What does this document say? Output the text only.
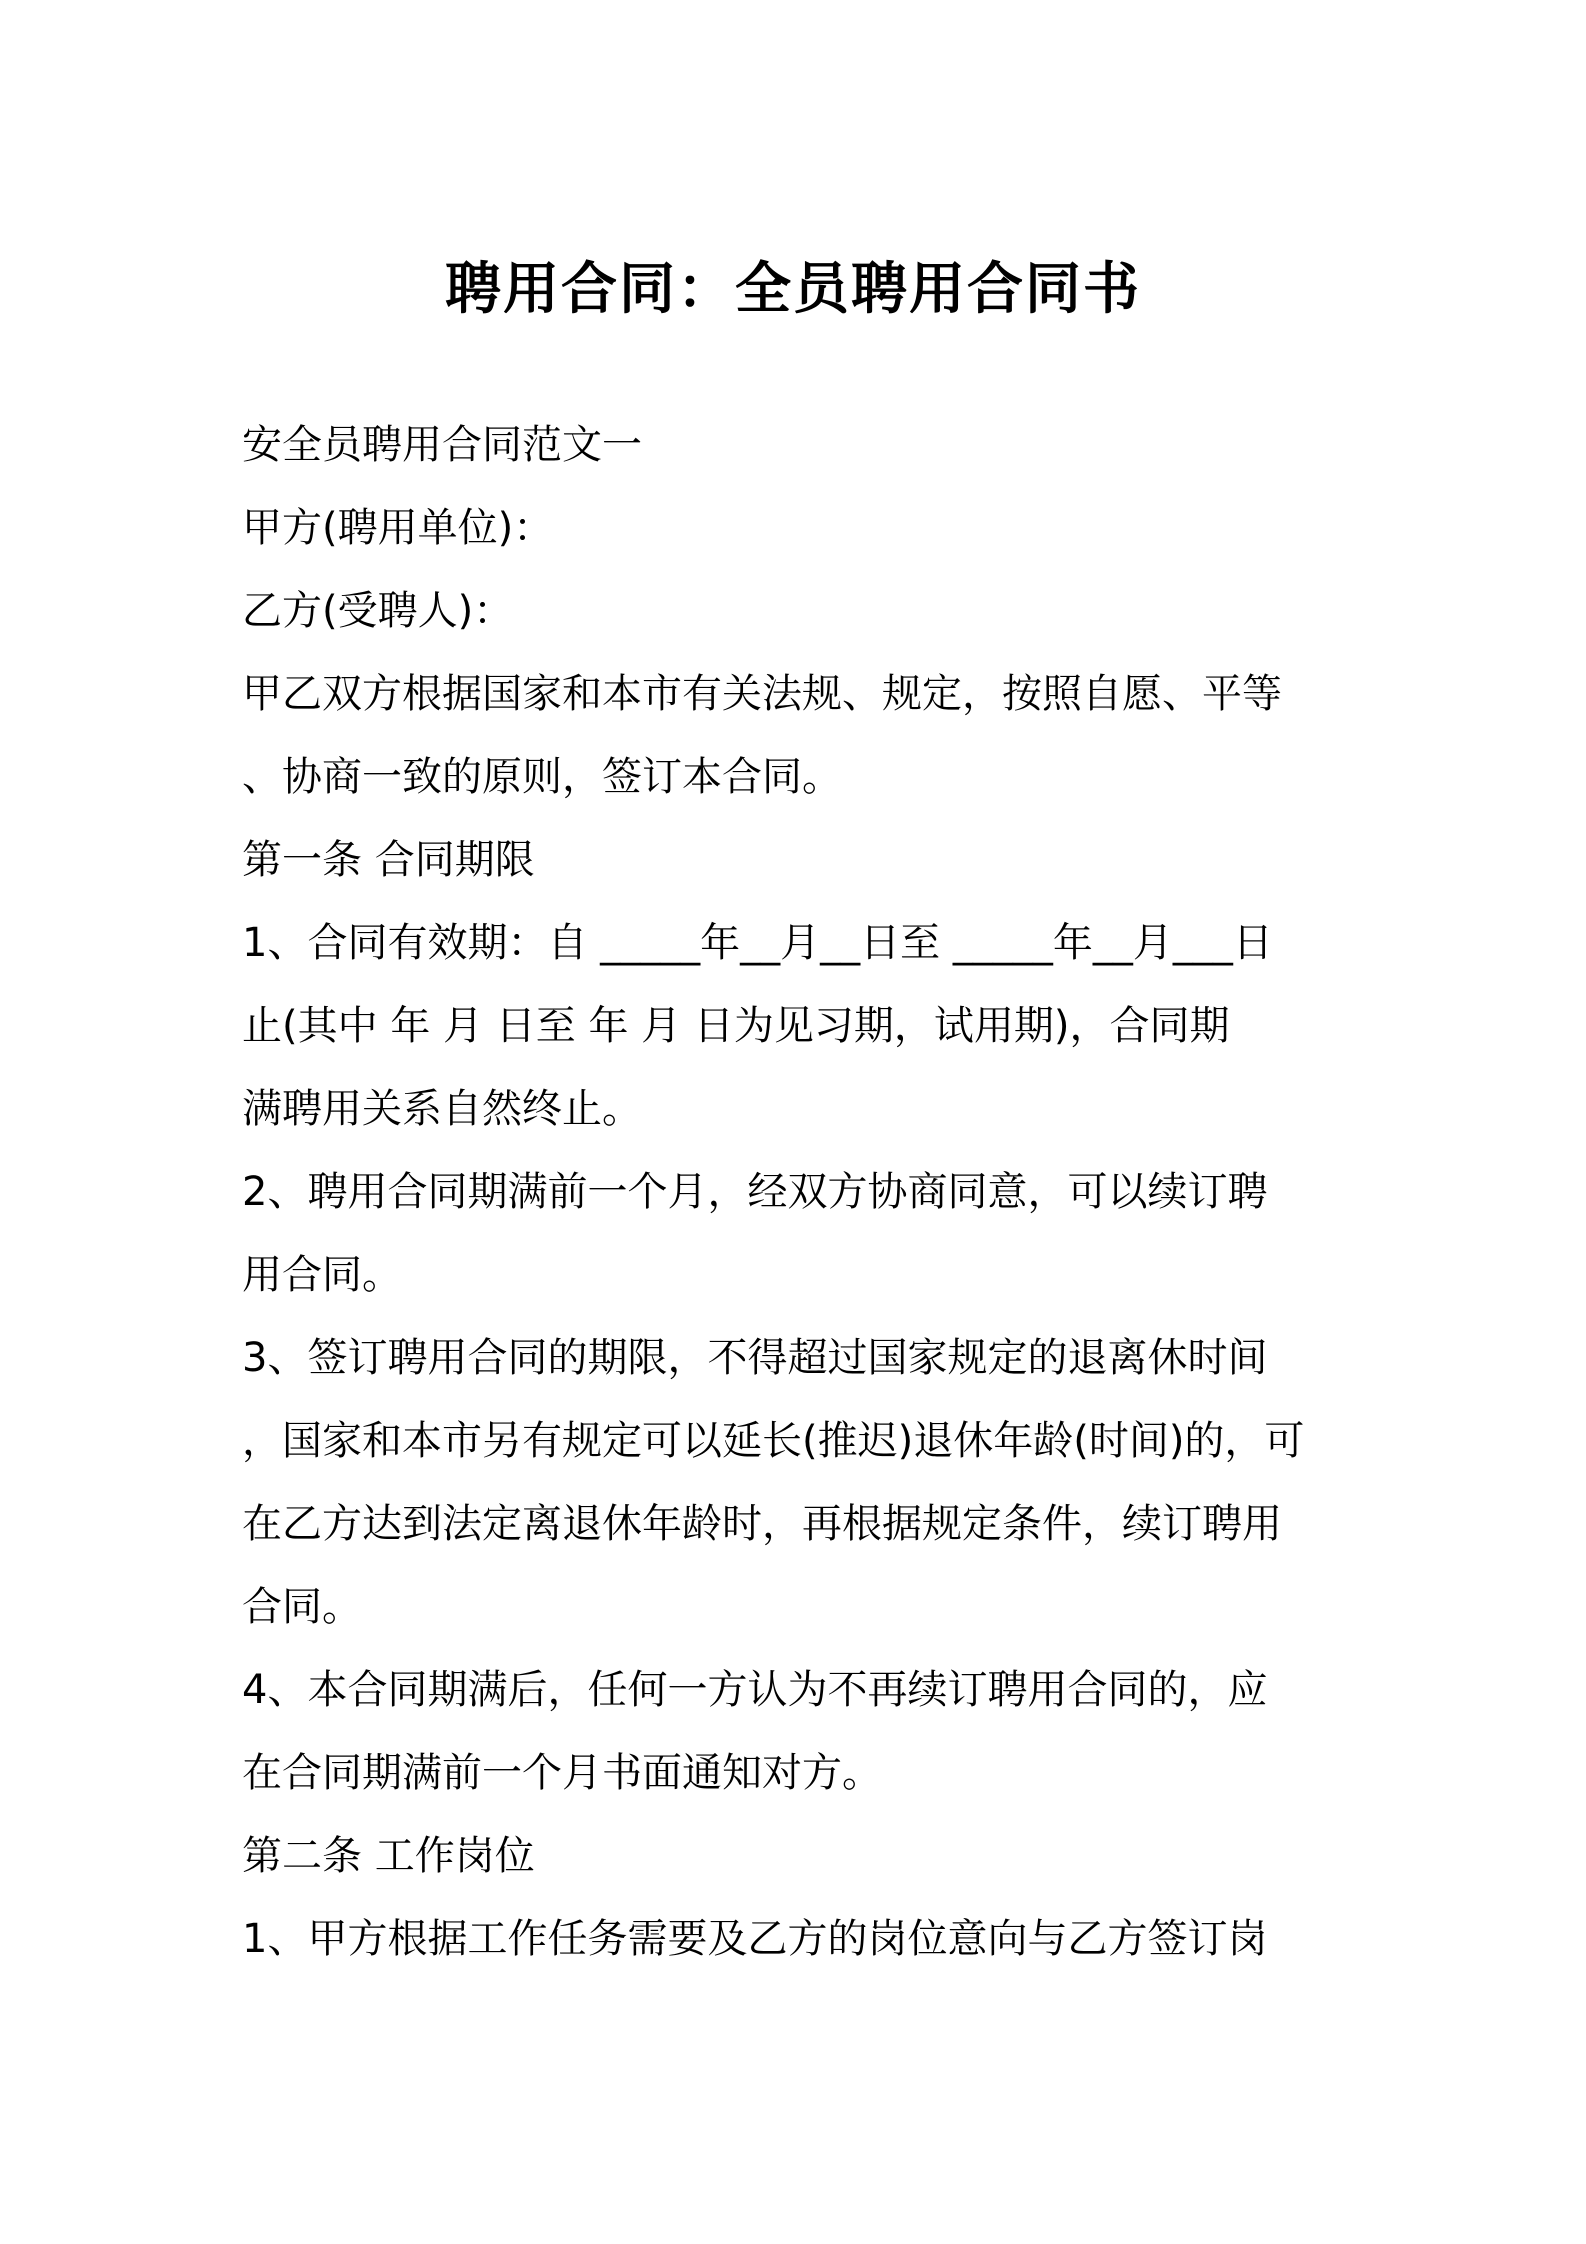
聘用合同：全员聘用合同书
安全员聘用合同范文一
甲方(聘用单位)：
乙方(受聘人)：
甲乙双方根据国家和本市有关法规、规定，按照自愿、平等
、协商一致的原则，签订本合同。
第一条 合同期限
1、合同有效期：自 _____年__月__日至 _____年__月___日
止(其中 年 月 日至 年 月 日为见习期，试用期)，合同期
满聘用关系自然终止。
2、聘用合同期满前一个月，经双方协商同意，可以续订聘
用合同。
3、签订聘用合同的期限，不得超过国家规定的退离休时间
，国家和本市另有规定可以延长(推迟)退休年龄(时间)的，可
在乙方达到法定离退休年龄时，再根据规定条件，续订聘用
合同。
4、本合同期满后，任何一方认为不再续订聘用合同的，应
在合同期满前一个月书面通知对方。
第二条 工作岗位
1、甲方根据工作任务需要及乙方的岗位意向与乙方签订岗
